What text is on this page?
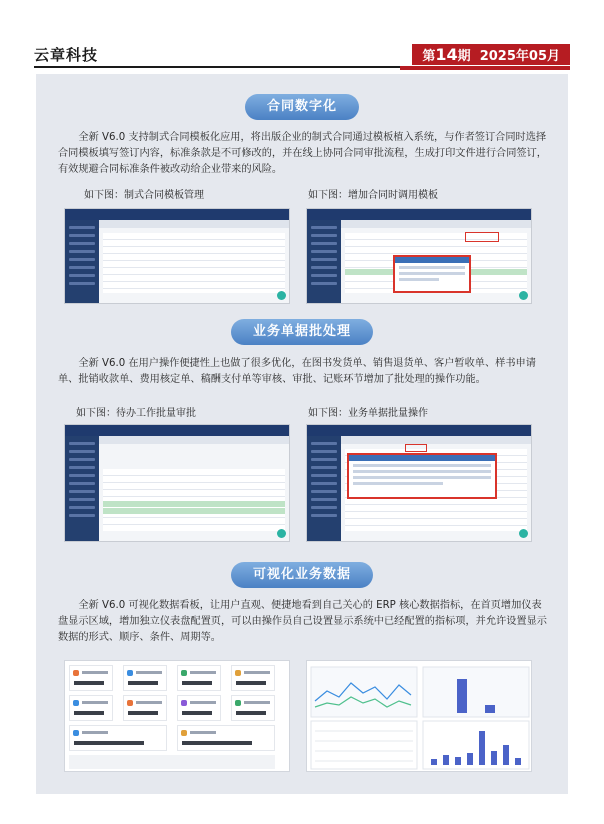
云章科技	第14期 2025年05月
合同数字化
全新 V6.0 支持制式合同模板化应用，将出版企业的制式合同通过模板植入系统，与作者签订合同时选择合同模板填写签订内容，标准条款是不可修改的，并在线上协同合同审批流程，生成打印文件进行合同签订，有效规避合同标准条件被改动给企业带来的风险。
如下图：制式合同模板管理	如下图：增加合同时调用模板
业务单据批处理
全新 V6.0 在用户操作便捷性上也做了很多优化，在图书发货单、销售退货单、客户暂收单、样书申请单、批销收款单、费用核定单、稿酬支付单等审核、审批、记账环节增加了批处理的操作功能。
如下图：待办工作批量审批	如下图：业务单据批量操作
可视化业务数据
全新 V6.0 可视化数据看板，让用户直观、便捷地看到自己关心的 ERP 核心数据指标，在首页增加仪表盘显示区域，增加独立仪表盘配置页，可以由操作员自己设置显示系统中已经配置的指标项，并允许设置显示数据的形式、顺序、条件、周期等。
